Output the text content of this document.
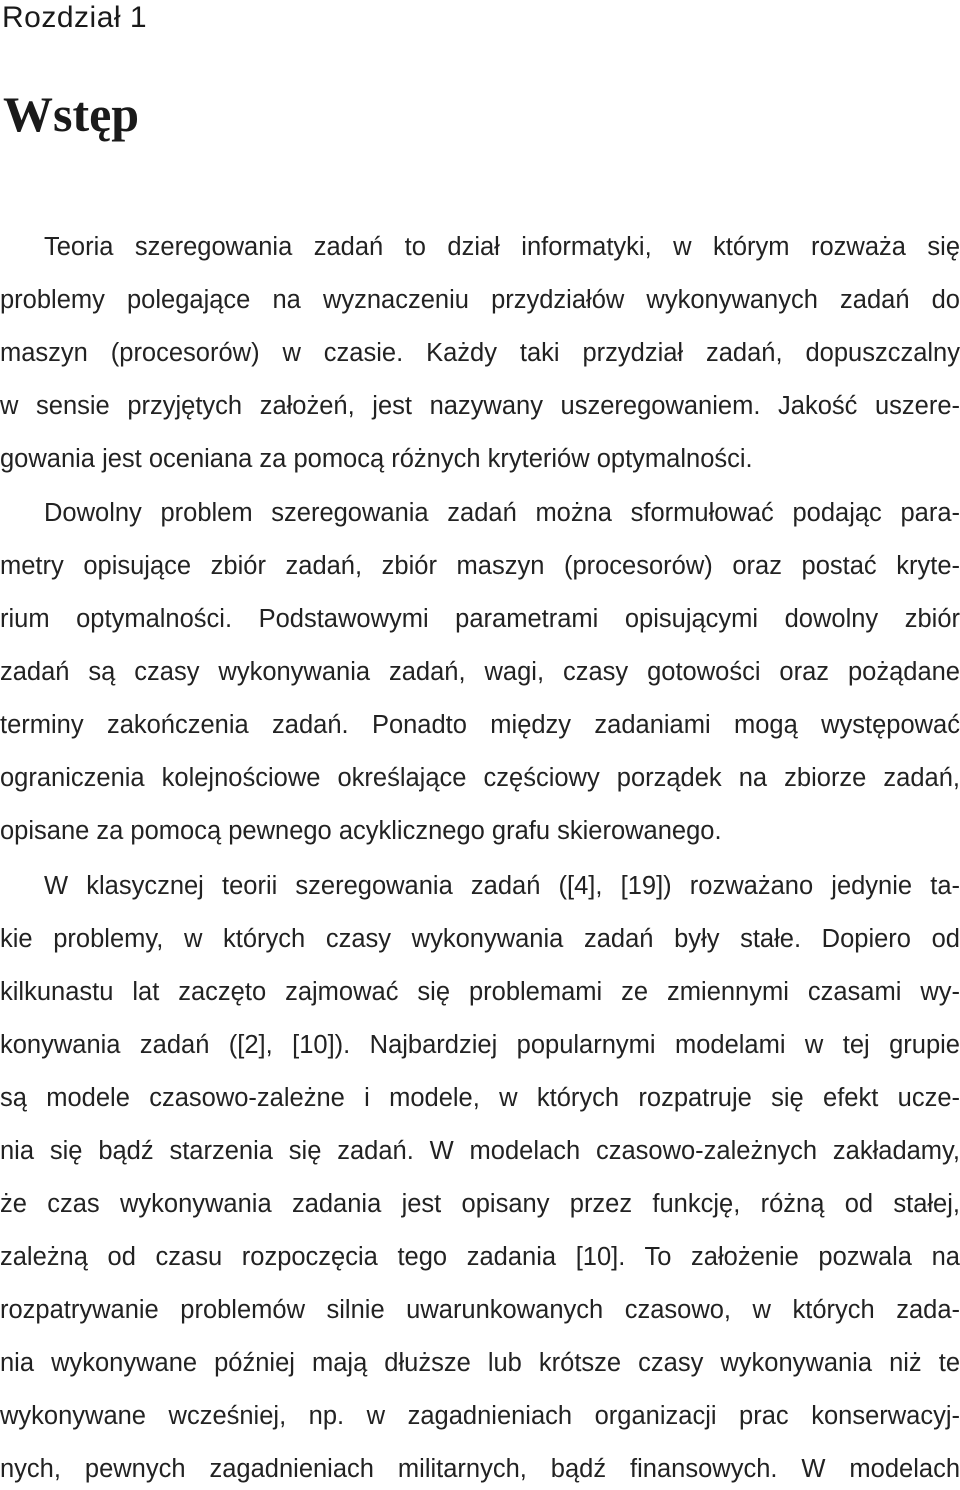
Rozdział 1
Wstęp
Teoria szeregowania zadań to dział informatyki, w którym rozważa się
problemy polegające na wyznaczeniu przydziałów wykonywanych zadań do
maszyn (procesorów) w czasie. Każdy taki przydział zadań, dopuszczalny
w sensie przyjętych założeń, jest nazywany uszeregowaniem. Jakość uszere-
gowania jest oceniana za pomocą różnych kryteriów optymalności.
Dowolny problem szeregowania zadań można sformułować podając para-
metry opisujące zbiór zadań, zbiór maszyn (procesorów) oraz postać kryte-
rium optymalności. Podstawowymi parametrami opisującymi dowolny zbiór
zadań są czasy wykonywania zadań, wagi, czasy gotowości oraz pożądane
terminy zakończenia zadań. Ponadto między zadaniami mogą występować
ograniczenia kolejnościowe określające częściowy porządek na zbiorze zadań,
opisane za pomocą pewnego acyklicznego grafu skierowanego.
W klasycznej teorii szeregowania zadań ([4], [19]) rozważano jedynie ta-
kie problemy, w których czasy wykonywania zadań były stałe. Dopiero od
kilkunastu lat zaczęto zajmować się problemami ze zmiennymi czasami wy-
konywania zadań ([2], [10]). Najbardziej popularnymi modelami w tej grupie
są modele czasowo-zależne i modele, w których rozpatruje się efekt ucze-
nia się bądź starzenia się zadań. W modelach czasowo-zależnych zakładamy,
że czas wykonywania zadania jest opisany przez funkcję, różną od stałej,
zależną od czasu rozpoczęcia tego zadania [10]. To założenie pozwala na
rozpatrywanie problemów silnie uwarunkowanych czasowo, w których zada-
nia wykonywane później mają dłuższe lub krótsze czasy wykonywania niż te
wykonywane wcześniej, np. w zagadnieniach organizacji prac konserwacyj-
nych, pewnych zagadnieniach militarnych, bądź finansowych. W modelach
